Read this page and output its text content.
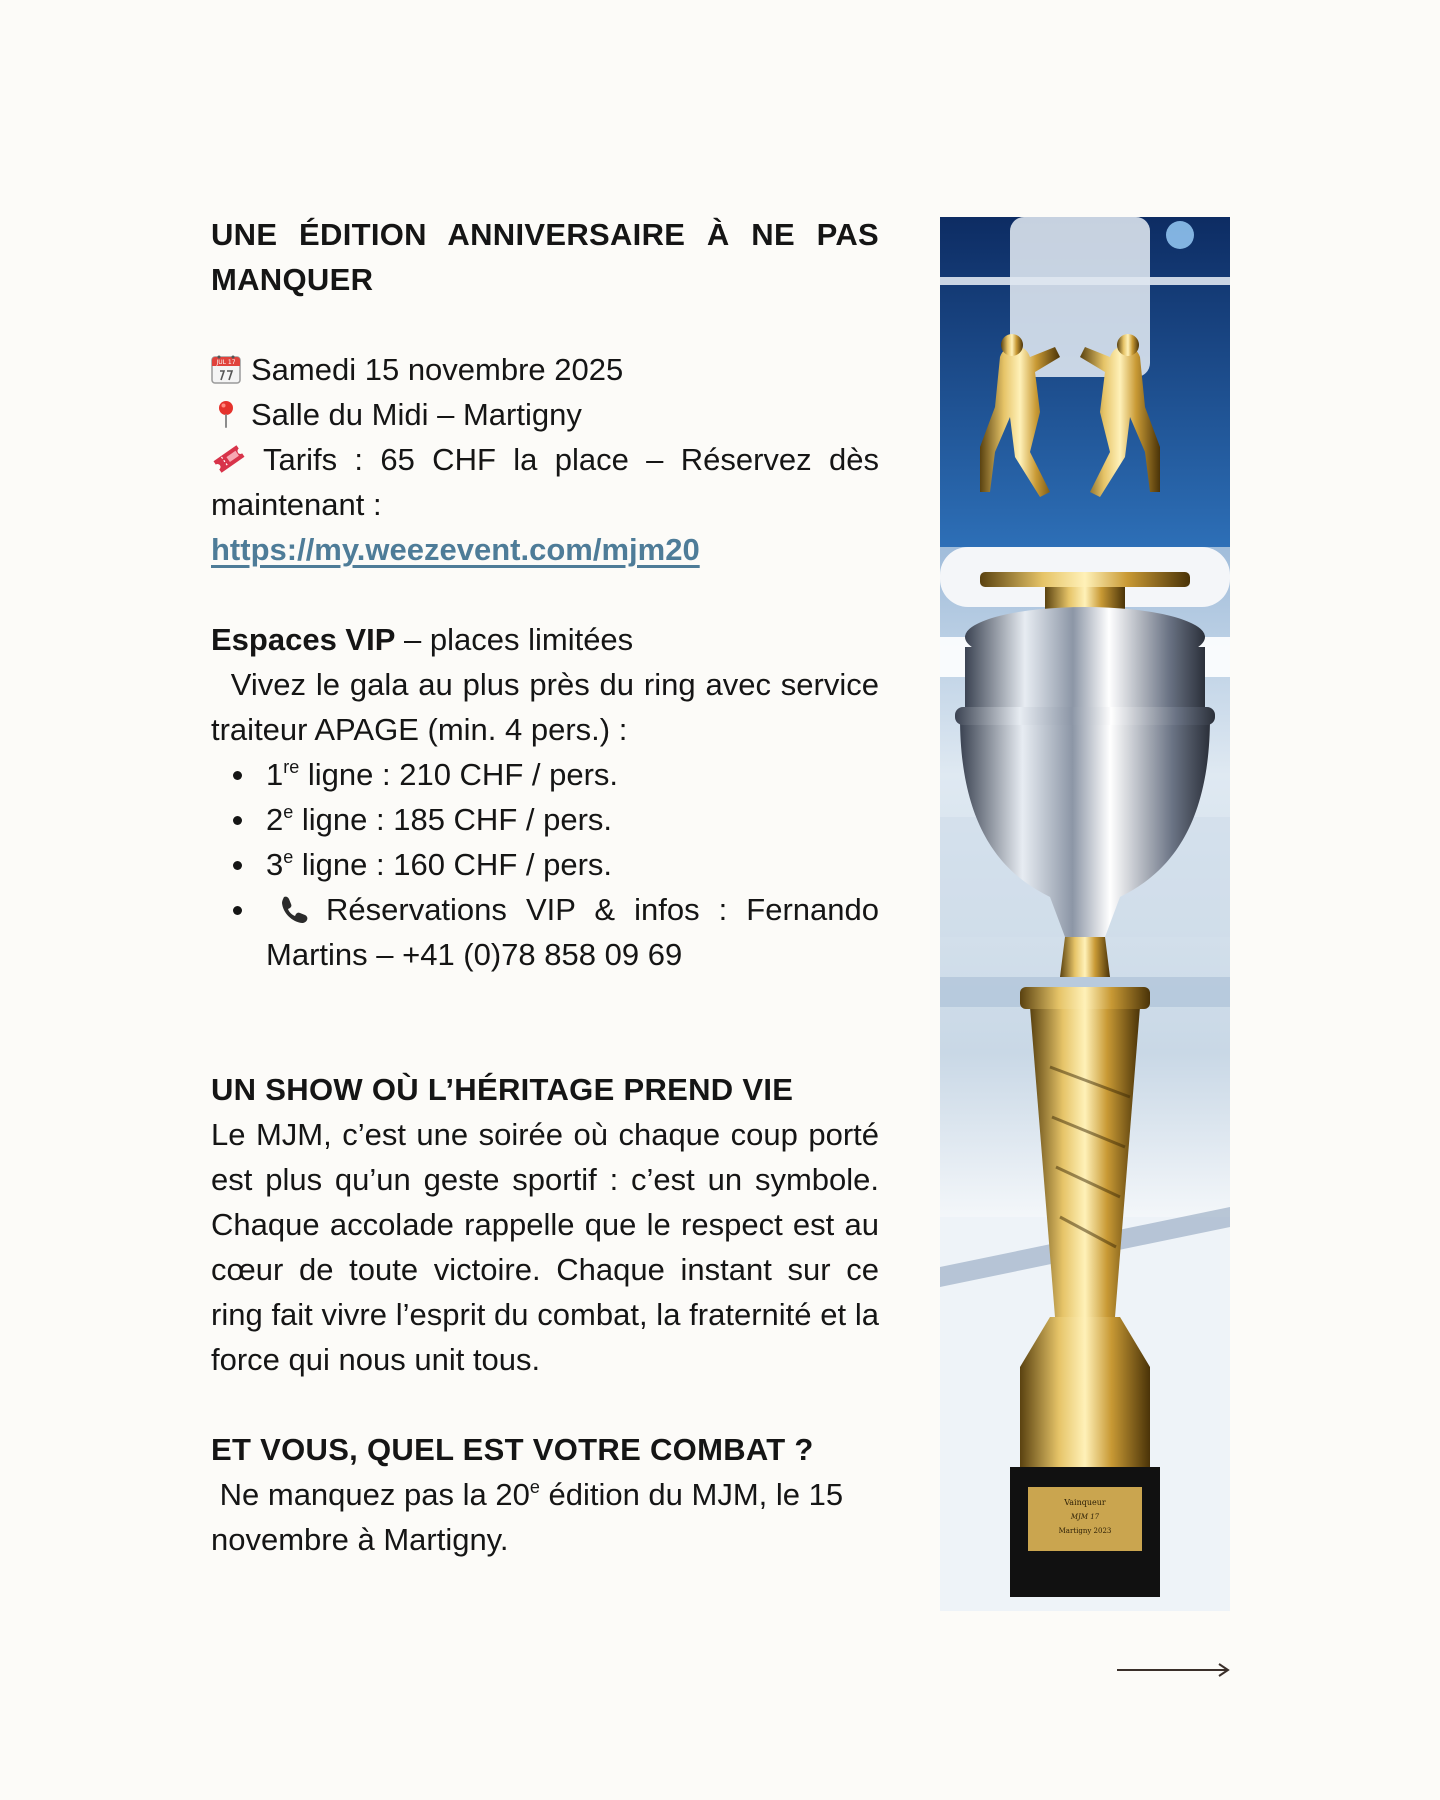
UNE ÉDITION ANNIVERSAIRE À NE PAS MANQUER
JUL 17 Samedi 15 novembre 2025
Salle du Midi – Martigny
Tarifs : 65 CHF la place – Réservez dès maintenant :
https://my.weezevent.com/mjm20
Espaces VIP – places limitées
Vivez le gala au plus près du ring avec service traiteur APAGE (min. 4 pers.) :
1re ligne : 210 CHF / pers.
2e ligne : 185 CHF / pers.
3e ligne : 160 CHF / pers.
Réservations VIP & infos : Fernando Martins – +41 (0)78 858 09 69
UN SHOW OÙ L’HÉRITAGE PREND VIE

Le MJM, c’est une soirée où chaque coup porté est plus qu’un geste sportif : c’est un symbole. Chaque accolade rappelle que le respect est au cœur de toute victoire. Chaque instant sur ce ring fait vivre l’esprit du combat, la fraternité et la force qui nous unit tous.

ET VOUS, QUEL EST VOTRE COMBAT ?

Ne manquez pas la 20e édition du MJM, le 15 novembre à Martigny.

Vainqueur
MJM 17
Martigny 2023
